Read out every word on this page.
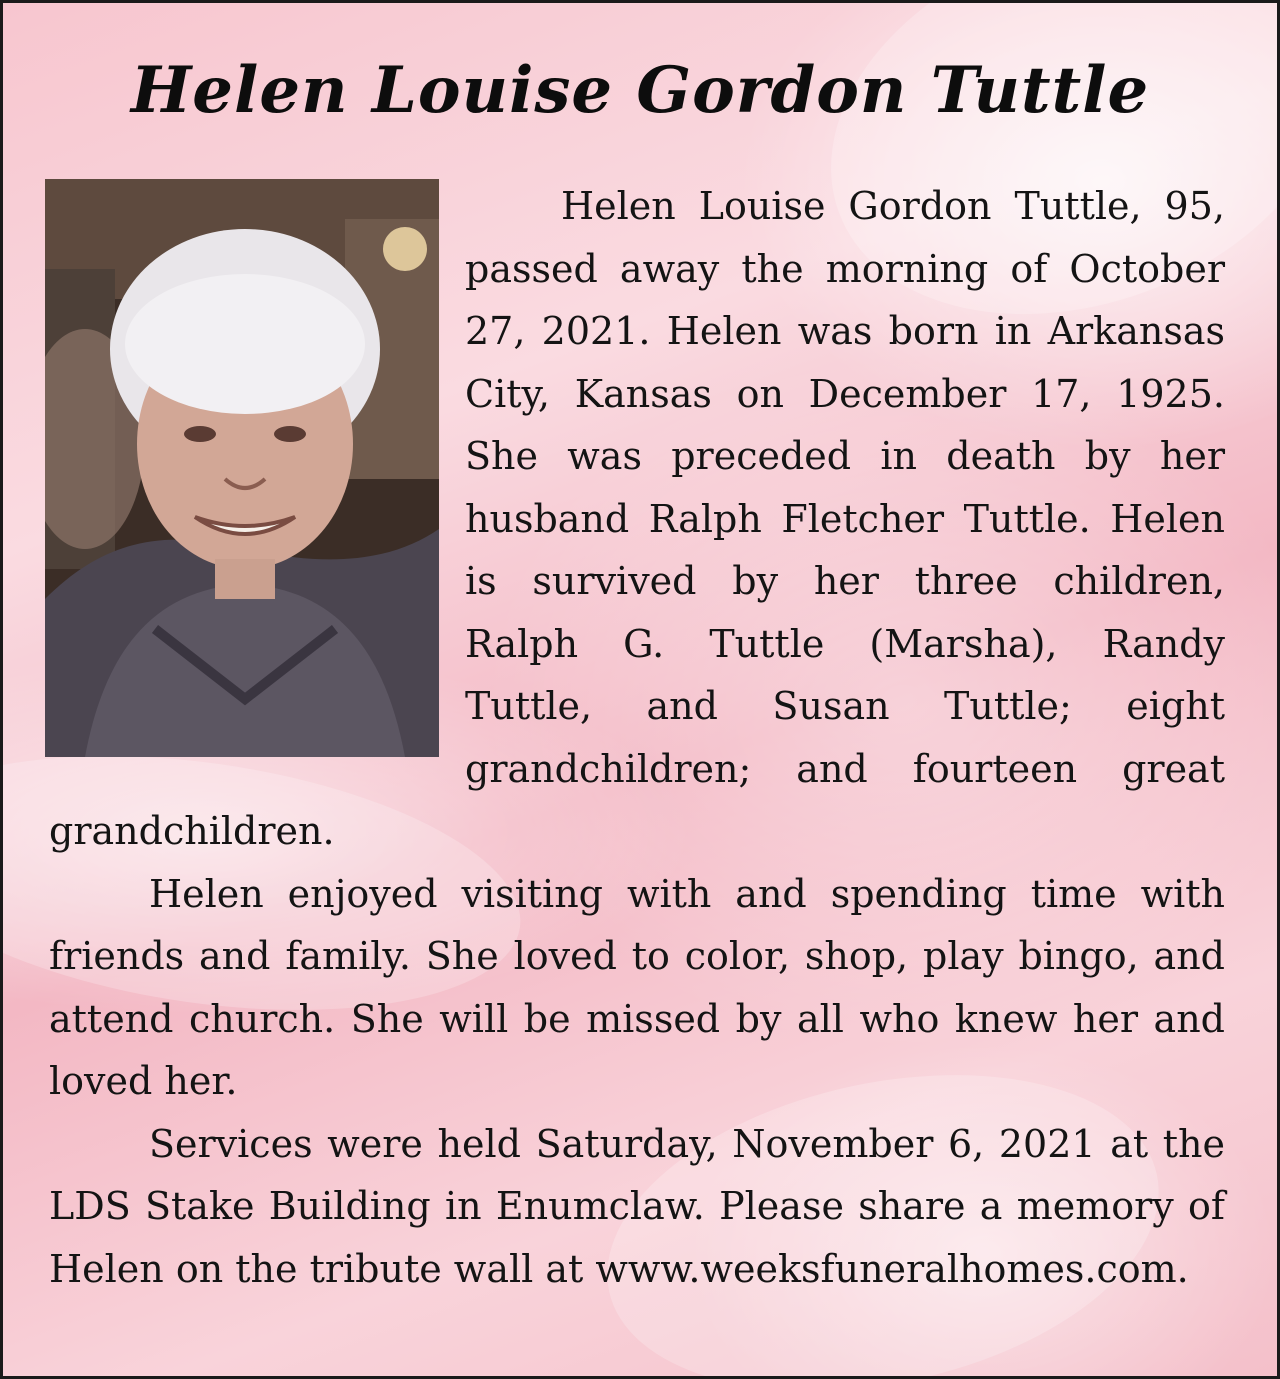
Helen Louise Gordon Tuttle

Helen Louise Gordon Tuttle, 95, passed away the morning of October 27, 2021. Helen was born in Arkansas City, Kansas on December 17, 1925. She was preceded in death by her husband Ralph Fletcher Tuttle. Helen is survived by her three children, Ralph G. Tuttle (Marsha), Randy Tuttle, and Susan Tuttle; eight grandchildren; and fourteen great grandchildren.

Helen enjoyed visiting with and spending time with friends and family. She loved to color, shop, play bingo, and attend church. She will be missed by all who knew her and loved her.

Services were held Saturday, November 6, 2021 at the LDS Stake Building in Enumclaw. Please share a memory of Helen on the tribute wall at www.weeksfuneralhomes.com.
